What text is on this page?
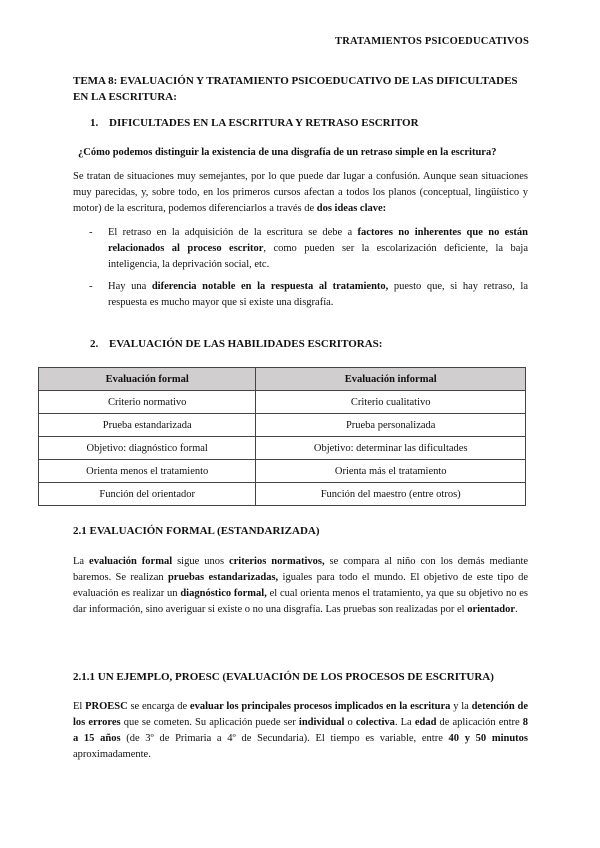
TRATAMIENTOS PSICOEDUCATIVOS
TEMA 8: EVALUACIÓN Y TRATAMIENTO PSICOEDUCATIVO DE LAS DIFICULTADES EN LA ESCRITURA:
1. DIFICULTADES EN LA ESCRITURA Y RETRASO ESCRITOR
¿Cómo podemos distinguir la existencia de una disgrafía de un retraso simple en la escritura?
Se tratan de situaciones muy semejantes, por lo que puede dar lugar a confusión. Aunque sean situaciones muy parecidas, y, sobre todo, en los primeros cursos afectan a todos los planos (conceptual, lingüístico y motor) de la escritura, podemos diferenciarlos a través de dos ideas clave:
- El retraso en la adquisición de la escritura se debe a factores no inherentes que no están relacionados al proceso escritor, como pueden ser la escolarización deficiente, la baja inteligencia, la deprivación social, etc.
- Hay una diferencia notable en la respuesta al tratamiento, puesto que, si hay retraso, la respuesta es mucho mayor que si existe una disgrafía.
2. EVALUACIÓN DE LAS HABILIDADES ESCRITORAS:
Evaluación formal	Evaluación informal
Criterio normativo	Criterio cualitativo
Prueba estandarizada	Prueba personalizada
Objetivo: diagnóstico formal	Objetivo: determinar las dificultades
Orienta menos el tratamiento	Orienta más el tratamiento
Función del orientador	Función del maestro (entre otros)
2.1 EVALUACIÓN FORMAL (ESTANDARIZADA)
La evaluación formal sigue unos criterios normativos, se compara al niño con los demás mediante baremos. Se realizan pruebas estandarizadas, iguales para todo el mundo. El objetivo de este tipo de evaluación es realizar un diagnóstico formal, el cual orienta menos el tratamiento, ya que su objetivo no es dar información, sino averiguar si existe o no una disgrafía. Las pruebas son realizadas por el orientador.
2.1.1 UN EJEMPLO, PROESC (EVALUACIÓN DE LOS PROCESOS DE ESCRITURA)
El PROESC se encarga de evaluar los principales procesos implicados en la escritura y la detención de los errores que se cometen. Su aplicación puede ser individual o colectiva. La edad de aplicación entre 8 a 15 años (de 3º de Primaria a 4º de Secundaria). El tiempo es variable, entre 40 y 50 minutos aproximadamente.
